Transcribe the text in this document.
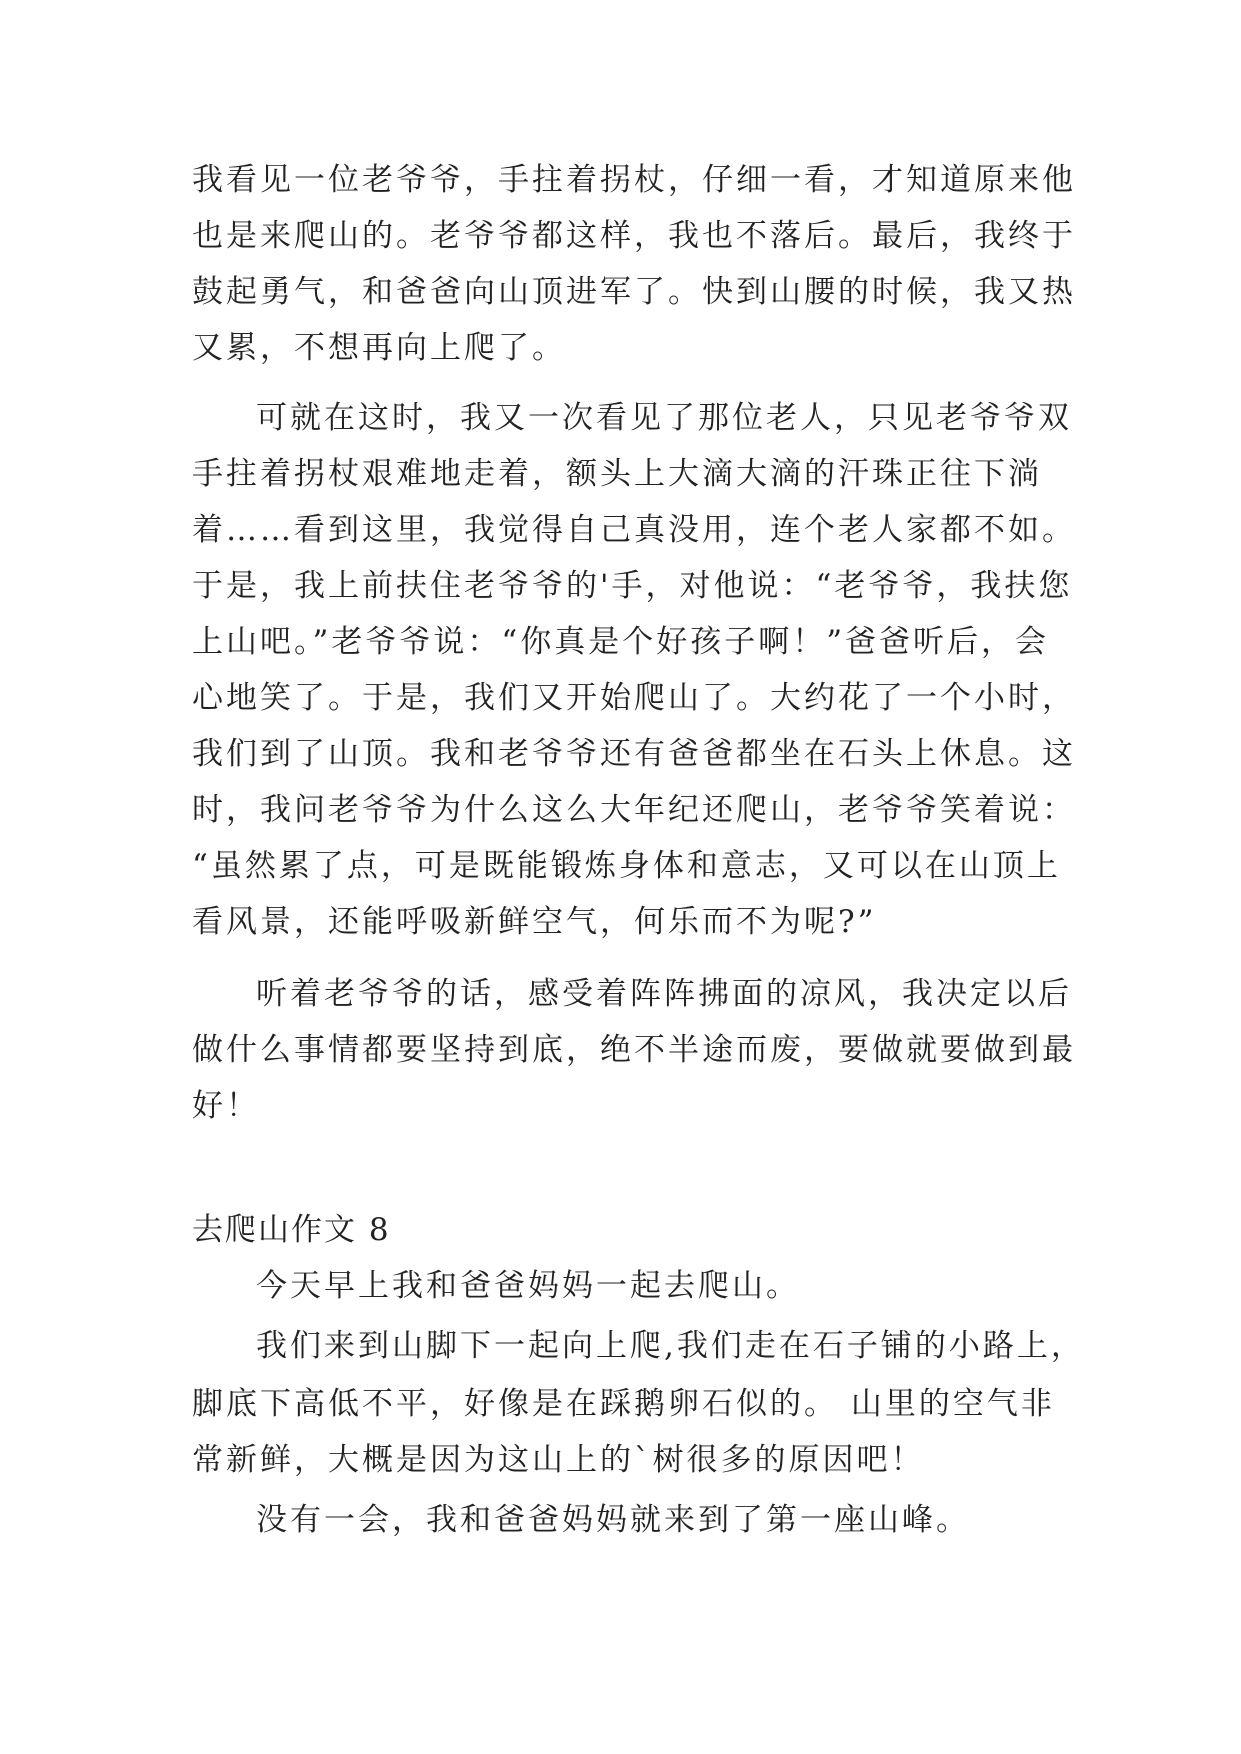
我看见一位老爷爷，手拄着拐杖，仔细一看，才知道原来他
也是来爬山的。老爷爷都这样，我也不落后。最后，我终于
鼓起勇气，和爸爸向山顶进军了。快到山腰的时候，我又热
又累，不想再向上爬了。
可就在这时，我又一次看见了那位老人，只见老爷爷双
手拄着拐杖艰难地走着，额头上大滴大滴的汗珠正往下淌
着……看到这里，我觉得自己真没用，连个老人家都不如。
于是，我上前扶住老爷爷的'手，对他说：“老爷爷，我扶您
上山吧。”老爷爷说：“你真是个好孩子啊！”爸爸听后，会
心地笑了。于是，我们又开始爬山了。大约花了一个小时，
我们到了山顶。我和老爷爷还有爸爸都坐在石头上休息。这
时，我问老爷爷为什么这么大年纪还爬山，老爷爷笑着说：
“虽然累了点，可是既能锻炼身体和意志，又可以在山顶上
看风景，还能呼吸新鲜空气，何乐而不为呢?”
听着老爷爷的话，感受着阵阵拂面的凉风，我决定以后
做什么事情都要坚持到底，绝不半途而废，要做就要做到最
好！
去爬山作文 8
今天早上我和爸爸妈妈一起去爬山。
我们来到山脚下一起向上爬,我们走在石子铺的小路上，
脚底下高低不平，好像是在踩鹅卵石似的。 山里的空气非
常新鲜，大概是因为这山上的`树很多的原因吧！
没有一会，我和爸爸妈妈就来到了第一座山峰。
